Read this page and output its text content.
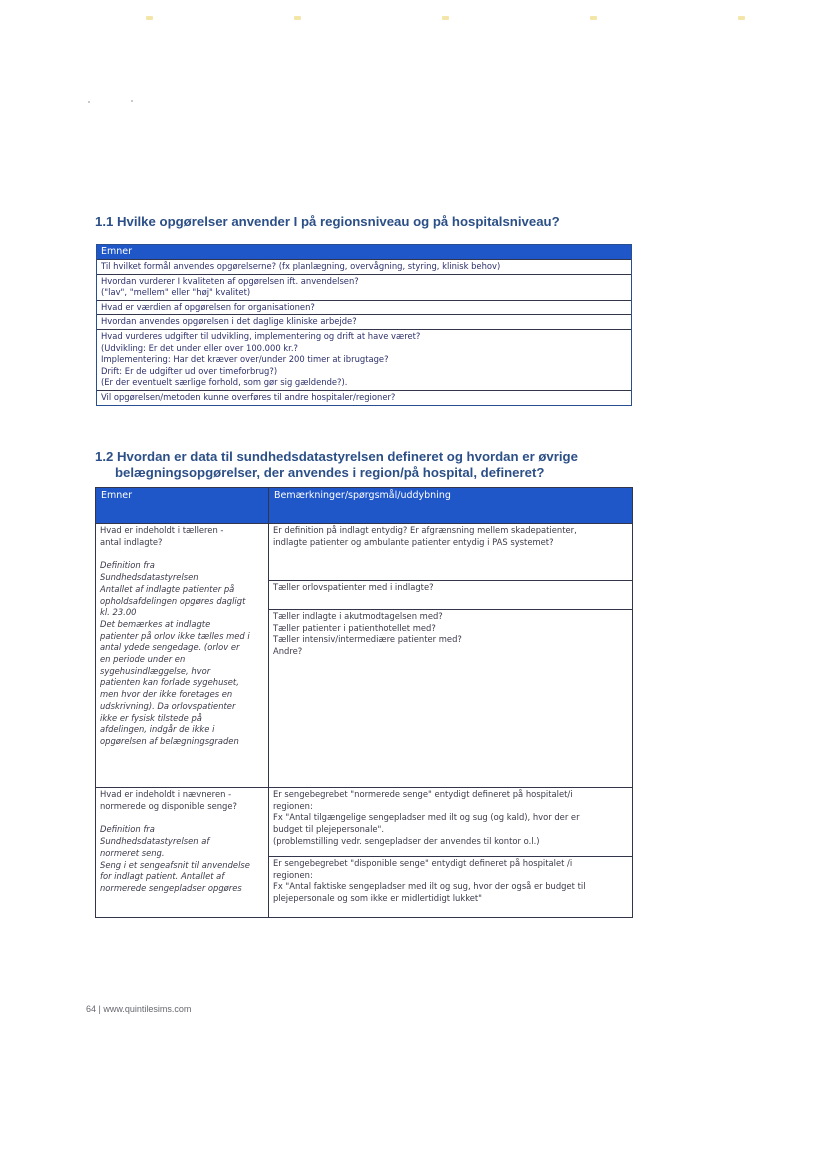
1.1 Hvilke opgørelser anvender I på regionsniveau og på hospitalsniveau?
Emner
Til hvilket formål anvendes opgørelserne? (fx planlægning, overvågning, styring, klinisk behov)
Hvordan vurderer I kvaliteten af opgørelsen ift. anvendelsen?
("lav", "mellem" eller "høj" kvalitet)
Hvad er værdien af opgørelsen for organisationen?
Hvordan anvendes opgørelsen i det daglige kliniske arbejde?
Hvad vurderes udgifter til udvikling, implementering og drift at have været?
(Udvikling: Er det under eller over 100.000 kr.?
Implementering: Har det kræver over/under 200 timer at ibrugtage?
Drift: Er de udgifter ud over timeforbrug?)
(Er der eventuelt særlige forhold, som gør sig gældende?).
Vil opgørelsen/metoden kunne overføres til andre hospitaler/regioner?
1.2 Hvordan er data til sundhedsdatastyrelsen defineret og hvordan er øvrige
belægningsopgørelser, der anvendes i region/på hospital, defineret?
Emner
Hvad er indeholdt i tælleren -
antal indlagte?
Definition fra
Sundhedsdatastyrelsen
Antallet af indlagte patienter på
opholdsafdelingen opgøres dagligt
kl. 23.00
Det bemærkes at indlagte
patienter på orlov ikke tælles med i
antal ydede sengedage. (orlov er
en periode under en
sygehusindlæggelse, hvor
patienten kan forlade sygehuset,
men hvor der ikke foretages en
udskrivning). Da orlovspatienter
ikke er fysisk tilstede på
afdelingen, indgår de ikke i
opgørelsen af belægningsgraden
Hvad er indeholdt i nævneren -
normerede og disponible senge?
Definition fra
Sundhedsdatastyrelsen af
normeret seng.
Seng i et sengeafsnit til anvendelse
for indlagt patient. Antallet af
normerede sengepladser opgøres
Bemærkninger/spørgsmål/uddybning
Er definition på indlagt entydig? Er afgrænsning mellem skadepatienter,
indlagte patienter og ambulante patienter entydig i PAS systemet?
Tæller orlovspatienter med i indlagte?
Tæller indlagte i akutmodtagelsen med?
Tæller patienter i patienthotellet med?
Tæller intensiv/intermediære patienter med?
Andre?
Er sengebegrebet "normerede senge" entydigt defineret på hospitalet/i
regionen:
Fx "Antal tilgængelige sengepladser med ilt og sug (og kald), hvor der er
budget til plejepersonale".
(problemstilling vedr. sengepladser der anvendes til kontor o.l.)
Er sengebegrebet "disponible senge" entydigt defineret på hospitalet /i
regionen:
Fx "Antal faktiske sengepladser med ilt og sug, hvor der også er budget til
plejepersonale og som ikke er midlertidigt lukket"
64 | www.quintilesims.com
